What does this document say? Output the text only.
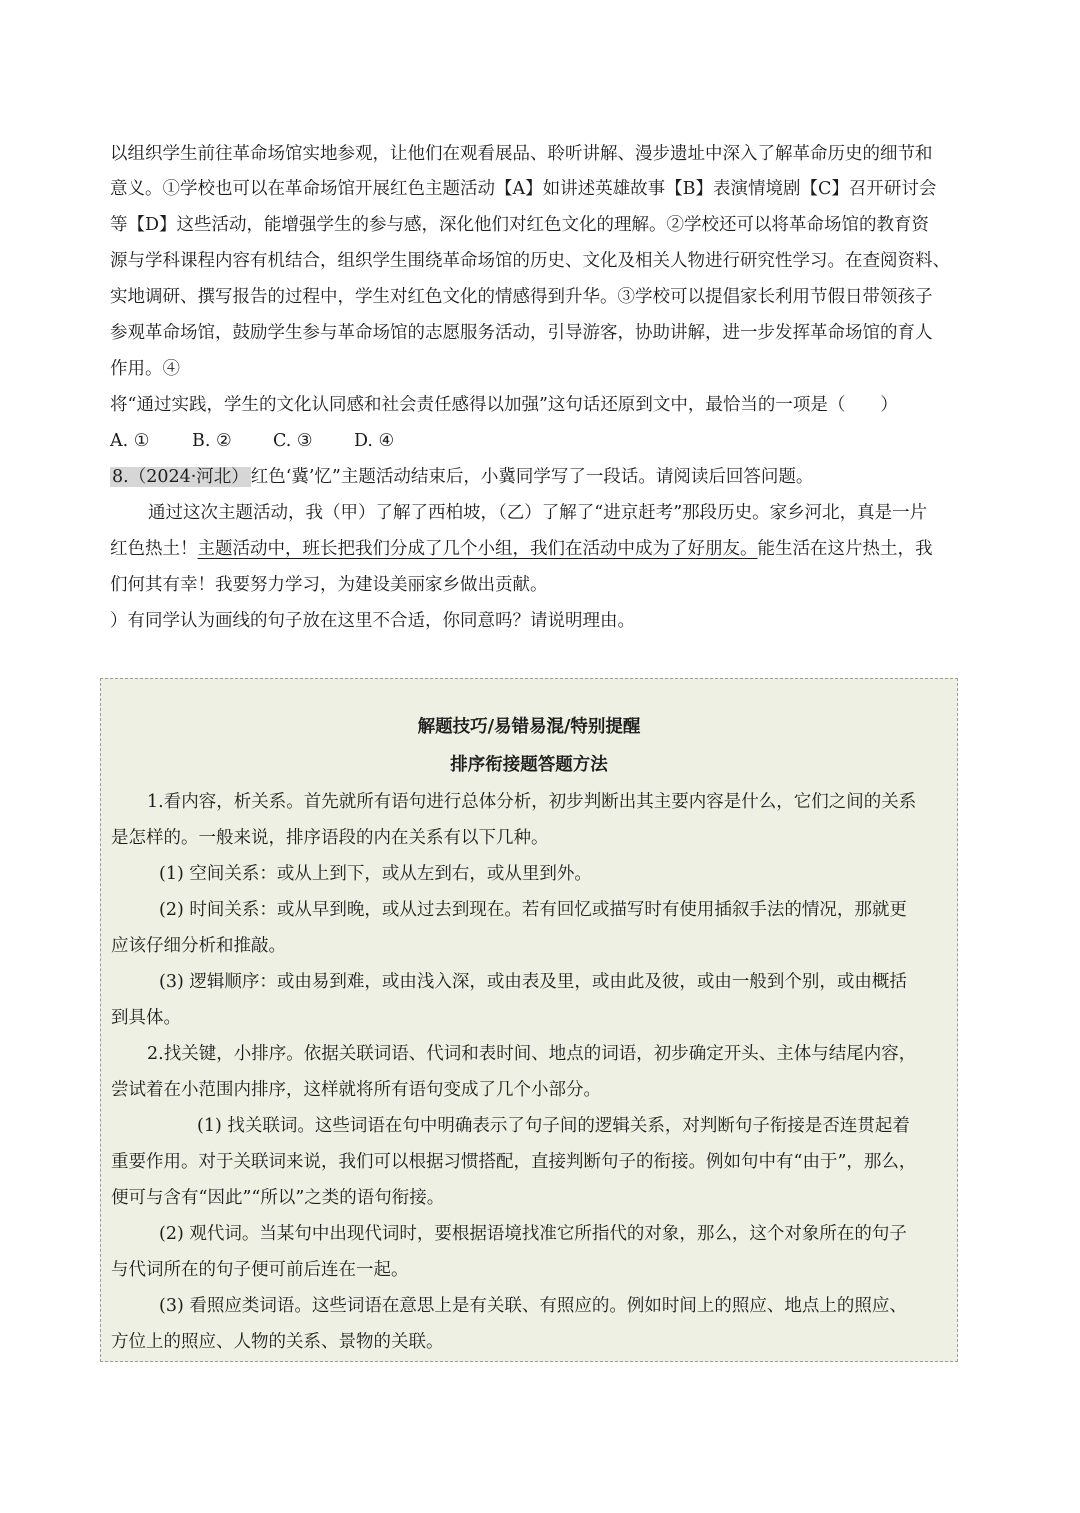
以组织学生前往革命场馆实地参观，让他们在观看展品、聆听讲解、漫步遗址中深入了解革命历史的细节和
意义。①学校也可以在革命场馆开展红色主题活动【A】如讲述英雄故事【B】表演情境剧【C】召开研讨会
等【D】这些活动，能增强学生的参与感，深化他们对红色文化的理解。②学校还可以将革命场馆的教育资
源与学科课程内容有机结合，组织学生围绕革命场馆的历史、文化及相关人物进行研究性学习。在查阅资料、
实地调研、撰写报告的过程中，学生对红色文化的情感得到升华。③学校可以提倡家长利用节假日带领孩子
参观革命场馆，鼓励学生参与革命场馆的志愿服务活动，引导游客，协助讲解，进一步发挥革命场馆的育人
作用。④
将“通过实践，学生的文化认同感和社会责任感得以加强”这句话还原到文中，最恰当的一项是（　　）
A. ① B. ② C. ③ D. ④
8.（2024·河北） 红色‘冀’忆”主题活动结束后，小冀同学写了一段话。请阅读后回答问题。
通过这次主题活动，我（甲）了解了西柏坡，（乙）了解了“进京赶考”那段历史。家乡河北，真是一片
红色热土！主题活动中，班长把我们分成了几个小组，我们在活动中成为了好朋友。能生活在这片热土，我
们何其有幸！我要努力学习，为建设美丽家乡做出贡献。
）有同学认为画线的句子放在这里不合适，你同意吗？请说明理由。
解题技巧/易错易混/特别提醒
排序衔接题答题方法
1.看内容，析关系。首先就所有语句进行总体分析，初步判断出其主要内容是什么，它们之间的关系
是怎样的。一般来说，排序语段的内在关系有以下几种。
(1) 空间关系：或从上到下，或从左到右，或从里到外。
(2) 时间关系：或从早到晚，或从过去到现在。若有回忆或描写时有使用插叙手法的情况，那就更
应该仔细分析和推敲。
(3) 逻辑顺序：或由易到难，或由浅入深，或由表及里，或由此及彼，或由一般到个别，或由概括
到具体。
2.找关键，小排序。依据关联词语、代词和表时间、地点的词语，初步确定开头、主体与结尾内容，
尝试着在小范围内排序，这样就将所有语句变成了几个小部分。
(1) 找关联词。这些词语在句中明确表示了句子间的逻辑关系，对判断句子衔接是否连贯起着
重要作用。对于关联词来说，我们可以根据习惯搭配，直接判断句子的衔接。例如句中有“由于”，那么，
便可与含有“因此”“所以”之类的语句衔接。
(2) 观代词。当某句中出现代词时，要根据语境找准它所指代的对象，那么，这个对象所在的句子
与代词所在的句子便可前后连在一起。
(3) 看照应类词语。这些词语在意思上是有关联、有照应的。例如时间上的照应、地点上的照应、
方位上的照应、人物的关系、景物的关联。
